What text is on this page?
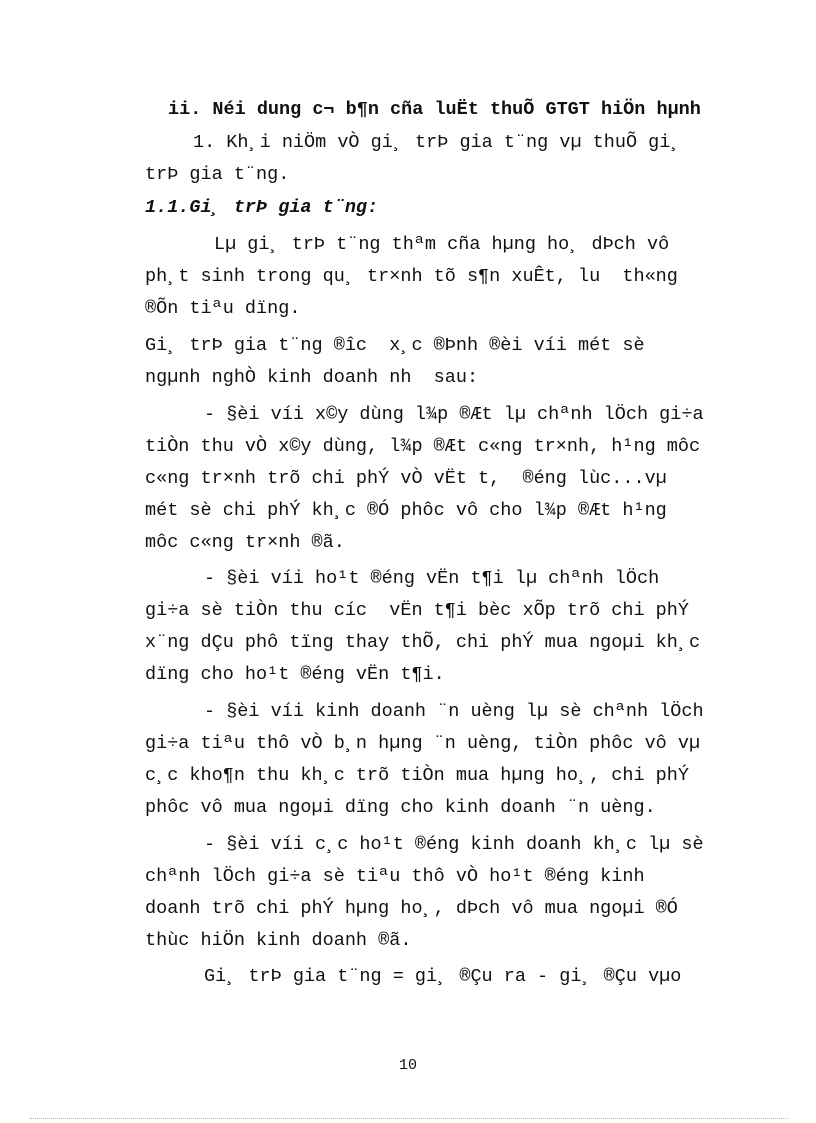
ii. Néi dung c¬ b¶n cña luËt thuÕ GTGT hiÖn hµnh
1. Kh¸i niÖm vÒ gi¸ trÞ gia t¨ng vµ thuÕ gi¸
trÞ gia t¨ng.
1.1.Gi¸ trÞ gia t¨ng:
Lµ gi¸ trÞ t¨ng thªm cña hµng ho¸ dÞch vô
ph¸t sinh trong qu¸ tr×nh tõ s¶n xuÊt, lu  th«ng
®Õn tiªu dïng.
Gi¸ trÞ gia t¨ng ®îc  x¸c ®Þnh ®èi víi mét sè
ngµnh nghÒ kinh doanh nh  sau:
- §èi víi x©y dùng l¾p ®Æt lµ chªnh lÖch gi÷a
tiÒn thu vÒ x©y dùng, l¾p ®Æt c«ng tr×nh, h¹ng môc
c«ng tr×nh trõ chi phÝ vÒ vËt t,  ®éng lùc...vµ
mét sè chi phÝ kh¸c ®Ó phôc vô cho l¾p ®Æt h¹ng
môc c«ng tr×nh ®ã.
- §èi víi ho¹t ®éng vËn t¶i lµ chªnh lÖch
gi÷a sè tiÒn thu cíc  vËn t¶i bèc xÕp trõ chi phÝ
x¨ng dÇu phô tïng thay thÕ, chi phÝ mua ngoµi kh¸c
dïng cho ho¹t ®éng vËn t¶i.
- §èi víi kinh doanh ¨n uèng lµ sè chªnh lÖch
gi÷a tiªu thô vÒ b¸n hµng ¨n uèng, tiÒn phôc vô vµ
c¸c kho¶n thu kh¸c trõ tiÒn mua hµng ho¸, chi phÝ
phôc vô mua ngoµi dïng cho kinh doanh ¨n uèng.
- §èi víi c¸c ho¹t ®éng kinh doanh kh¸c lµ sè
chªnh lÖch gi÷a sè tiªu thô vÒ ho¹t ®éng kinh
doanh trõ chi phÝ hµng ho¸, dÞch vô mua ngoµi ®Ó
thùc hiÖn kinh doanh ®ã.
Gi¸ trÞ gia t¨ng = gi¸ ®Çu ra - gi¸ ®Çu vµo
10
